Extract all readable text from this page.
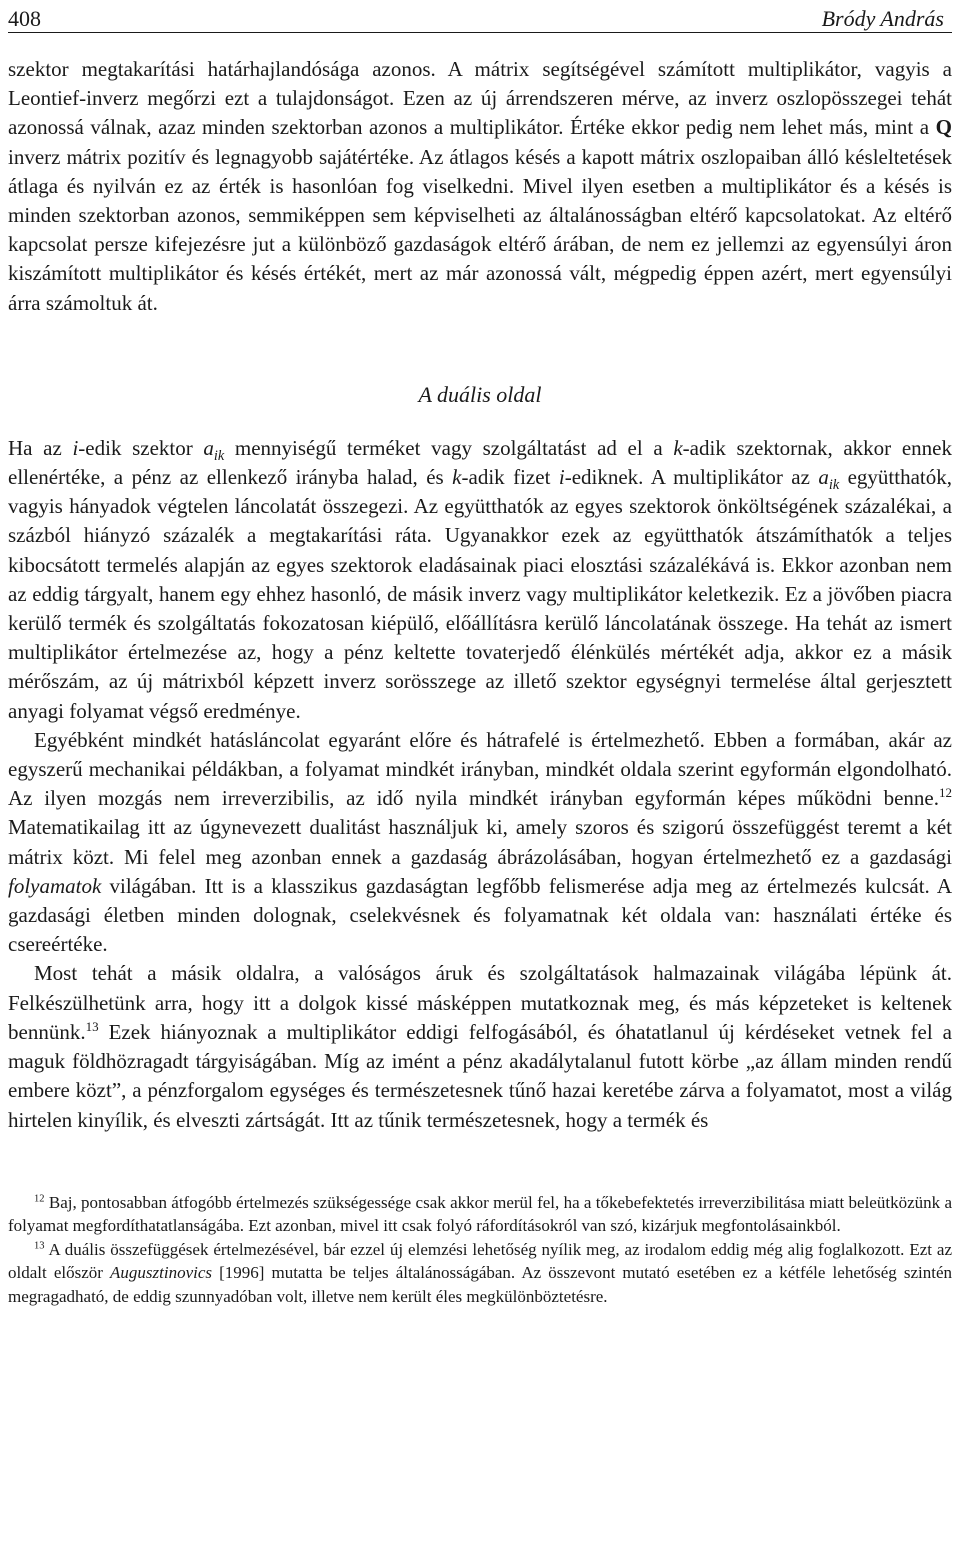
408	Bródy András

szektor megtakarítási határhajlandósága azonos. A mátrix segítségével számított multiplikátor, vagyis a Leontief-inverz megőrzi ezt a tulajdonságot. Ezen az új árrendszeren mérve, az inverz oszlopösszegei tehát azonossá válnak, azaz minden szektorban azonos a multiplikátor. Értéke ekkor pedig nem lehet más, mint a Q inverz mátrix pozitív és legnagyobb sajátértéke. Az átlagos késés a kapott mátrix oszlopaiban álló késleltetések átlaga és nyilván ez az érték is hasonlóan fog viselkedni. Mivel ilyen esetben a multiplikátor és a késés is minden szektorban azonos, semmiképpen sem képviselheti az általánosságban eltérő kapcsolatokat. Az eltérő kapcsolat persze kifejezésre jut a különböző gazdaságok eltérő árában, de nem ez jellemzi az egyensúlyi áron kiszámított multiplikátor és késés értékét, mert az már azonossá vált, mégpedig éppen azért, mert egyensúlyi árra számoltuk át.

A duális oldal

Ha az i-edik szektor $a_{ik}$ mennyiségű terméket vagy szolgáltatást ad el a k-adik szektornak, akkor ennek ellenértéke, a pénz az ellenkező irányba halad, és k-adik fizet i-ediknek. A multiplikátor az $a_{ik}$ együtthatók, vagyis hányadok végtelen láncolatát összegezi. Az együtthatók az egyes szektorok önköltségének százalékai, a százból hiányzó százalék a megtakarítási ráta. Ugyanakkor ezek az együtthatók átszámíthatók a teljes kibocsátott termelés alapján az egyes szektorok eladásainak piaci elosztási százalékává is. Ekkor azonban nem az eddig tárgyalt, hanem egy ehhez hasonló, de másik inverz vagy multiplikátor keletkezik. Ez a jövőben piacra kerülő termék és szolgáltatás fokozatosan kiépülő, előállításra kerülő láncolatának összege. Ha tehát az ismert multiplikátor értelmezése az, hogy a pénz keltette tovaterjedő élénkülés mértékét adja, akkor ez a másik mérőszám, az új mátrixból képzett inverz sorösszege az illető szektor egységnyi termelése által gerjesztett anyagi folyamat végső eredménye.

Egyébként mindkét hatásláncolat egyaránt előre és hátrafelé is értelmezhető. Ebben a formában, akár az egyszerű mechanikai példákban, a folyamat mindkét irányban, mindkét oldala szerint egyformán elgondolható. Az ilyen mozgás nem irreverzibilis, az idő nyila mindkét irányban egyformán képes működni benne.$^{12}$ Matematikailag itt az úgynevezett dualitást használjuk ki, amely szoros és szigorú összefüggést teremt a két mátrix közt. Mi felel meg azonban ennek a gazdaság ábrázolásában, hogyan értelmezhető ez a gazdasági folyamatok világában. Itt is a klasszikus gazdaságtan legfőbb felismerése adja meg az értelmezés kulcsát. A gazdasági életben minden dolognak, cselekvésnek és folyamatnak két oldala van: használati értéke és csereértéke.

Most tehát a másik oldalra, a valóságos áruk és szolgáltatások halmazainak világába lépünk át. Felkészülhetünk arra, hogy itt a dolgok kissé másképpen mutatkoznak meg, és más képzeteket is keltenek bennünk.$^{13}$ Ezek hiányoznak a multiplikátor eddigi felfogásából, és óhatatlanul új kérdéseket vetnek fel a maguk földhözragadt tárgyiságában. Míg az imént a pénz akadálytalanul futott körbe „az állam minden rendű embere közt”, a pénzforgalom egységes és természetesnek tűnő hazai keretébe zárva a folyamatot, most a világ hirtelen kinyílik, és elveszti zártságát. Itt az tűnik természetesnek, hogy a termék és

$^{12}$ Baj, pontosabban átfogóbb értelmezés szükségessége csak akkor merül fel, ha a tőkebefektetés irreverzibilitása miatt beleütközünk a folyamat megfordíthatatlanságába. Ezt azonban, mivel itt csak folyó ráfordításokról van szó, kizárjuk megfontolásainkból.

$^{13}$ A duális összefüggések értelmezésével, bár ezzel új elemzési lehetőség nyílik meg, az irodalom eddig még alig foglalkozott. Ezt az oldalt először Augusztinovics [1996] mutatta be teljes általánosságában. Az összevont mutató esetében ez a kétféle lehetőség szintén megragadható, de eddig szunnyadóban volt, illetve nem került éles megkülönböztetésre.
